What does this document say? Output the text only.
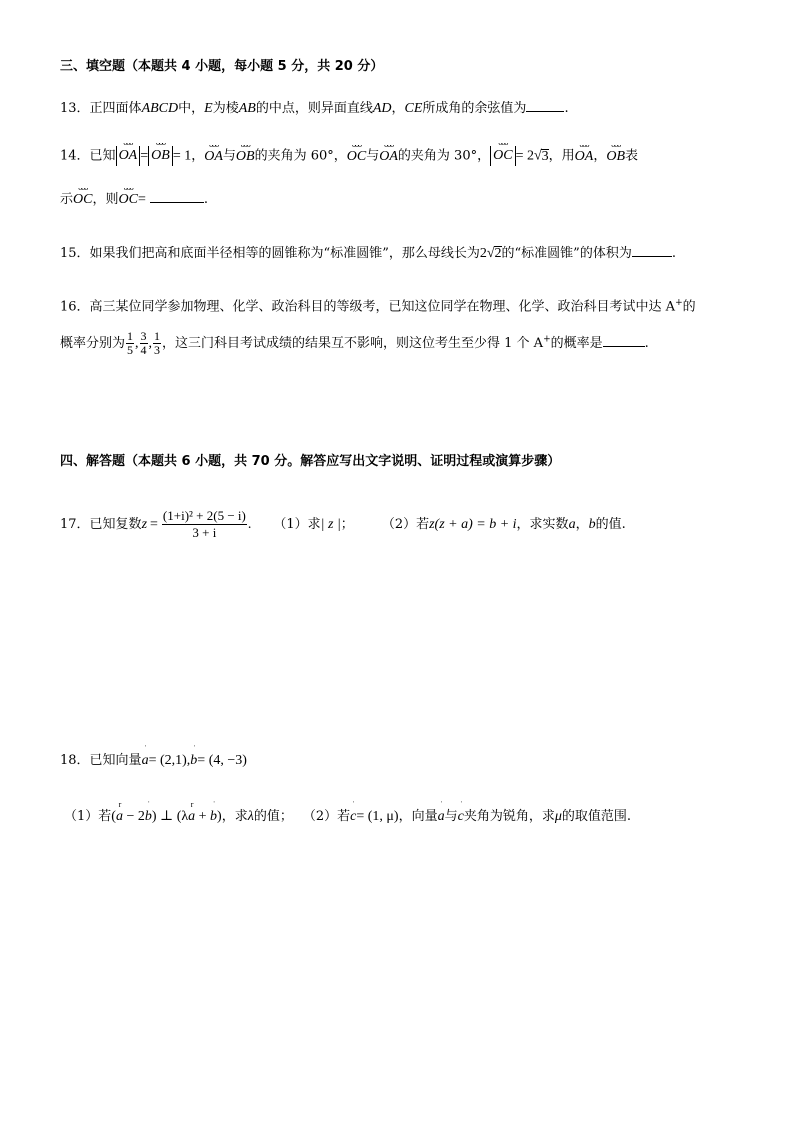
三、填空题（本题共 4 小题，每小题 5 分，共 20 分）
13．正四面体ABCD中，E为棱AB的中点，则异面直线AD，CE所成角的余弦值为	.
14．已知
ᴗᴗᴗ
OA =
ᴗᴗᴗ
OB = 1，
ᴗᴗᴗ
OA与
ᴗᴗᴗ
OB的夹角为 60°，
ᴗᴗᴗ
OC与
ᴗᴗᴗ
OA的夹角为 30°，
ᴗᴗᴗ
OC = 2√3，用
ᴗᴗᴗ
OA，
ᴗᴗᴗ
OB表
示
ᴗᴗᴗ
OC，则
ᴗᴗᴗ
OC=	.
15．如果我们把高和底面半径相等的圆锥称为“标准圆锥”，那么母线长为2√2的“标准圆锥”的体积为	.
16．高三某位同学参加物理、化学、政治科目的等级考，已知这位同学在物理、化学、政治科目考试中达 A+的
概率分别为 $\frac{1}{5}$ , $\frac{3}{4}$ , $\frac{1}{3}$ ，这三门科目考试成绩的结果互不影响，则这位考生至少得 1 个 A+的概率是	.
四、解答题（本题共 6 小题，共 70 分。解答应写出文字说明、证明过程或演算步骤）
17．已知复数$z = \frac{\text{(1+i)² + 2(5 − i)}}{3 + i}$ . （1）求| z |； （2）若z(z + a) = b + i，求实数a，b的值.
18．已知向量
ˈ
a= (2,1),
ˈ
b= (4, −3)
（1）若(
r
a − 2
ˈ
b) ⊥ (λ
r
a +
ˈ
b)，求λ的值； （2）若
ˈ
c= (1, μ)，向量
ˈ
a与
ˈ
c夹角为锐角，求μ的取值范围.
